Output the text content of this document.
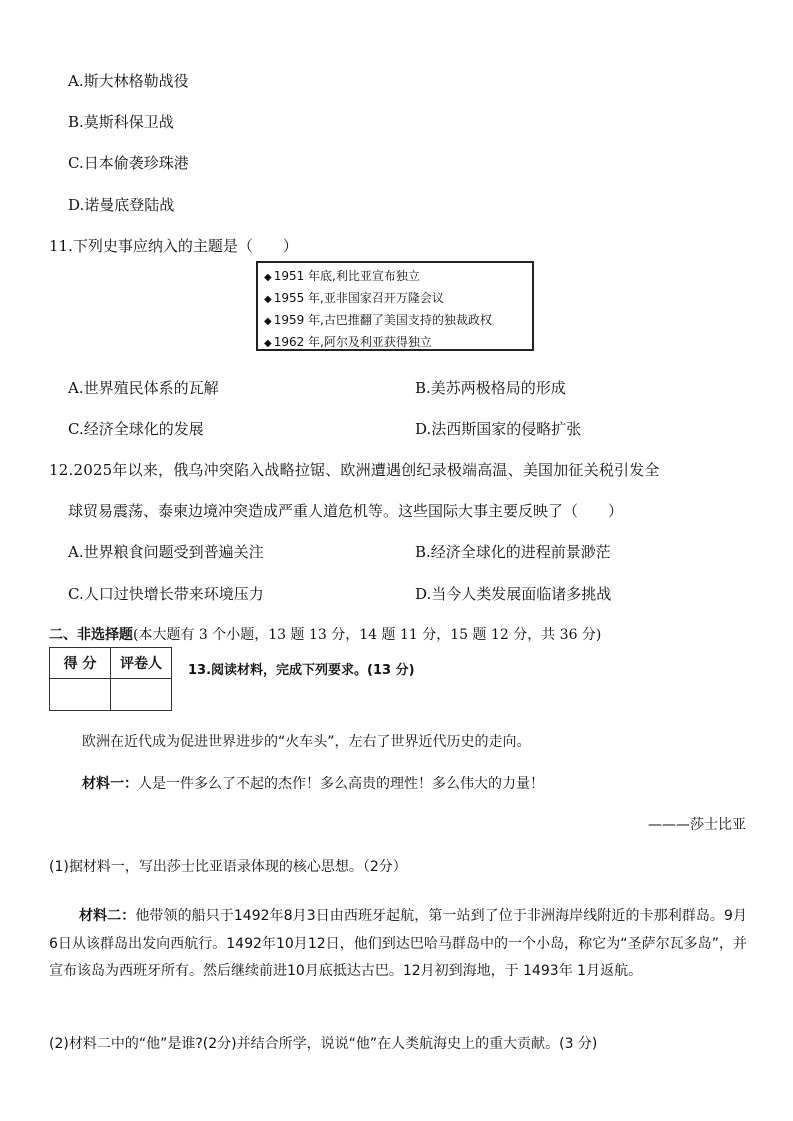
A.斯大林格勒战役
B.莫斯科保卫战
C.日本偷袭珍珠港
D.诺曼底登陆战
11.下列史事应纳入的主题是（　　）
◆ 1951 年底,利比亚宣布独立
◆ 1955 年,亚非国家召开万隆会议
◆ 1959 年,古巴推翻了美国支持的独裁政权
◆ 1962 年,阿尔及利亚获得独立
A.世界殖民体系的瓦解	B.美苏两极格局的形成
C.经济全球化的发展	D.法西斯国家的侵略扩张
12.2025年以来，俄乌冲突陷入战略拉锯、欧洲遭遇创纪录极端高温、美国加征关税引发全
球贸易震荡、泰柬边境冲突造成严重人道危机等。这些国际大事主要反映了（　　）
A.世界粮食问题受到普遍关注	B.经济全球化的进程前景渺茫
C.人口过快增长带来环境压力	D.当今人类发展面临诸多挑战
二、非选择题(本大题有 3 个小题，13 题 13 分，14 题 11 分，15 题 12 分，共 36 分)
得 分	评卷人
	13.阅读材料，完成下列要求。(13 分)
欧洲在近代成为促进世界进步的“火车头”，左右了世界近代历史的走向。
材料一：人是一件多么了不起的杰作！多么高贵的理性！多么伟大的力量！
———莎士比亚
(1)据材料一，写出莎士比亚语录体现的核心思想。（2分）
材料二：他带领的船只于1492年8月3日由西班牙起航，第一站到了位于非洲海岸线附近的卡那利群岛。9月6日从该群岛出发向西航行。1492年10月12日，他们到达巴哈马群岛中的一个小岛，称它为“圣萨尔瓦多岛”，并宣布该岛为西班牙所有。然后继续前进10月底抵达古巴。12月初到海地，于 1493年 1月返航。
(2)材料二中的“他”是谁?(2分)并结合所学，说说“他”在人类航海史上的重大贡献。(3 分)
